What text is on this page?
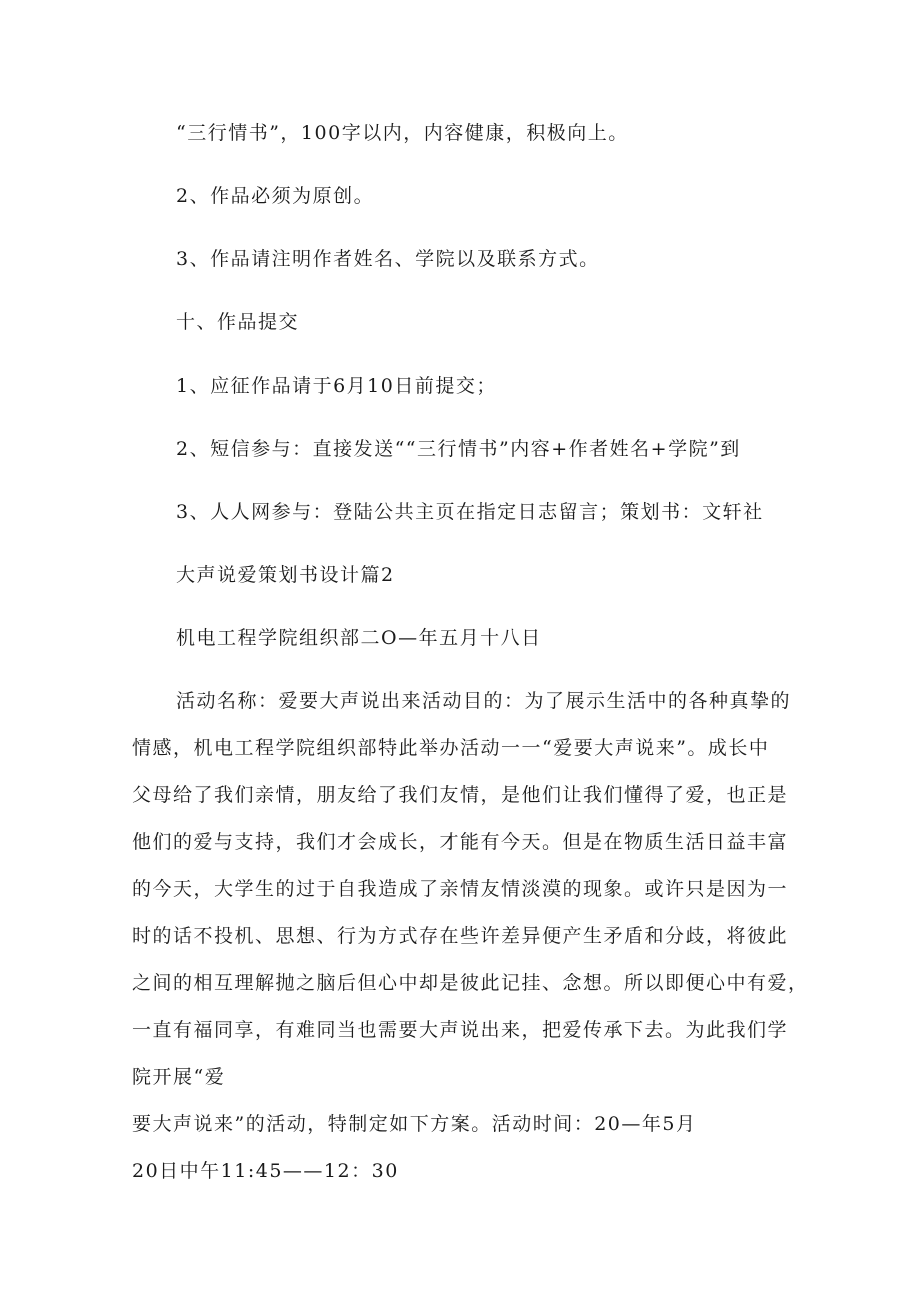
“三行情书”，100字以内，内容健康，积极向上。
2、作品必须为原创。
3、作品请注明作者姓名、学院以及联系方式。
十、作品提交
1、应征作品请于6月10日前提交；
2、短信参与：直接发送““三行情书”内容+作者姓名+学院”到
3、人人网参与：登陆公共主页在指定日志留言；策划书：文轩社
大声说爱策划书设计篇2
机电工程学院组织部二O—年五月十八日
活动名称：爱要大声说出来活动目的：为了展示生活中的各种真挚的
情感，机电工程学院组织部特此举办活动一一“爱要大声说来”。成长中
父母给了我们亲情，朋友给了我们友情，是他们让我们懂得了爱，也正是
他们的爱与支持，我们才会成长，才能有今天。但是在物质生活日益丰富
的今天，大学生的过于自我造成了亲情友情淡漠的现象。或许只是因为一
时的话不投机、思想、行为方式存在些许差异便产生矛盾和分歧，将彼此
之间的相互理解抛之脑后但心中却是彼此记挂、念想。所以即便心中有爱，
一直有福同享，有难同当也需要大声说出来，把爱传承下去。为此我们学
院开展“爱
要大声说来”的活动，特制定如下方案。活动时间：20—年5月
20日中午11:45——12：30
